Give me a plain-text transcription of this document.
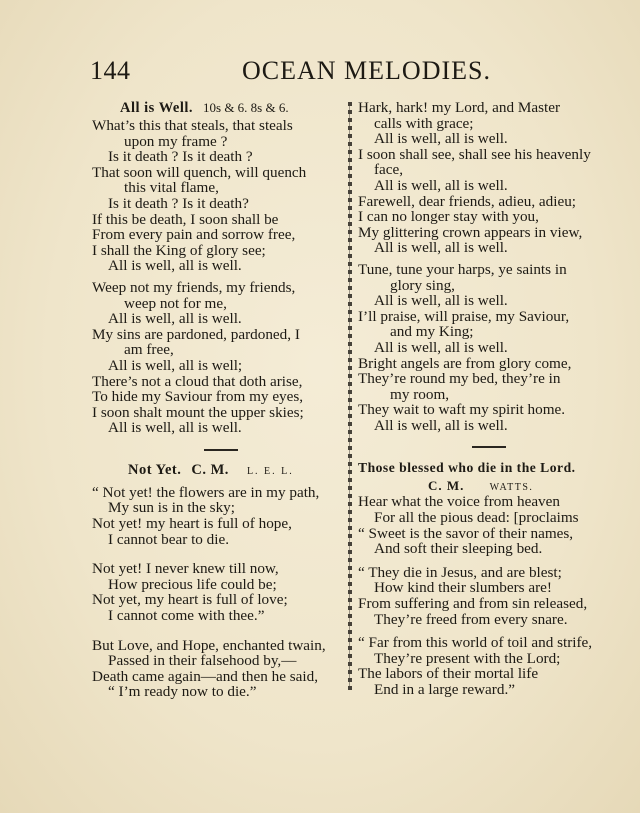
144	OCEAN MELODIES.
All is Well. 10s & 6. 8s & 6.
What’s this that steals, that steals
upon my frame ?
Is it death ? Is it death ?
That soon will quench, will quench
this vital flame,
Is it death ? Is it death?
If this be death, I soon shall be
From every pain and sorrow free,
I shall the King of glory see;
All is well, all is well.
Weep not my friends, my friends,
weep not for me,
All is well, all is well.
My sins are pardoned, pardoned, I
am free,
All is well, all is well;
There’s not a cloud that doth arise,
To hide my Saviour from my eyes,
I soon shalt mount the upper skies;
All is well, all is well.
Not Yet. C. M. L. E. L.
“ Not yet! the flowers are in my path,
My sun is in the sky;
Not yet! my heart is full of hope,
I cannot bear to die.
Not yet! I never knew till now,
How precious life could be;
Not yet, my heart is full of love;
I cannot come with thee.”
But Love, and Hope, enchanted twain,
Passed in their falsehood by,—
Death came again—and then he said,
“ I’m ready now to die.”
Hark, hark! my Lord, and Master
calls with grace;
All is well, all is well.
I soon shall see, shall see his heavenly
face,
All is well, all is well.
Farewell, dear friends, adieu, adieu;
I can no longer stay with you,
My glittering crown appears in view,
All is well, all is well.
Tune, tune your harps, ye saints in
glory sing,
All is well, all is well.
I’ll praise, will praise, my Saviour,
and my King;
All is well, all is well.
Bright angels are from glory come,
They’re round my bed, they’re in
my room,
They wait to waft my spirit home.
All is well, all is well.
Those blessed who die in the Lord.
C. M.	WATTS.
Hear what the voice from heaven
For all the pious dead: [proclaims
“ Sweet is the savor of their names,
And soft their sleeping bed.
“ They die in Jesus, and are blest;
How kind their slumbers are!
From suffering and from sin released,
They’re freed from every snare.
“ Far from this world of toil and strife,
They’re present with the Lord;
The labors of their mortal life
End in a large reward.”
